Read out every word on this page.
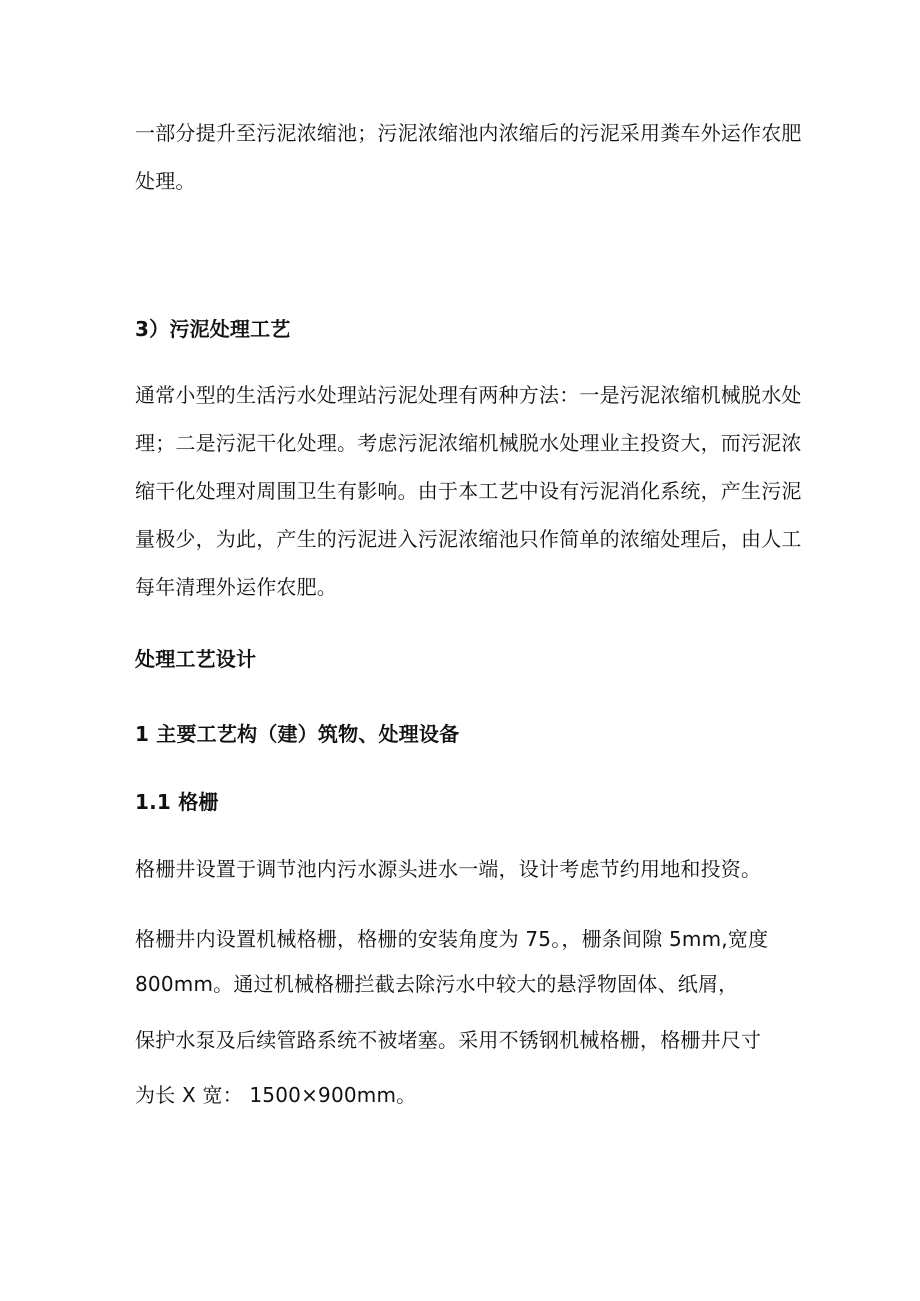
一部分提升至污泥浓缩池；污泥浓缩池内浓缩后的污泥采用粪车外运作农肥
处理。
3）污泥处理工艺
通常小型的生活污水处理站污泥处理有两种方法：一是污泥浓缩机械脱水处
理；二是污泥干化处理。考虑污泥浓缩机械脱水处理业主投资大，而污泥浓
缩干化处理对周围卫生有影响。由于本工艺中设有污泥消化系统，产生污泥
量极少，为此，产生的污泥进入污泥浓缩池只作简单的浓缩处理后，由人工
每年清理外运作农肥。
处理工艺设计
1 主要工艺构（建）筑物、处理设备
1.1 格栅
格栅井设置于调节池内污水源头进水一端，设计考虑节约用地和投资。
格栅井内设置机械格栅，格栅的安装角度为 75。，栅条间隙 5mm,宽度
800mm。通过机械格栅拦截去除污水中较大的悬浮物固体、纸屑，
保护水泵及后续管路系统不被堵塞。采用不锈钢机械格栅，格栅井尺寸
为长 X 宽： 1500×900mm。
